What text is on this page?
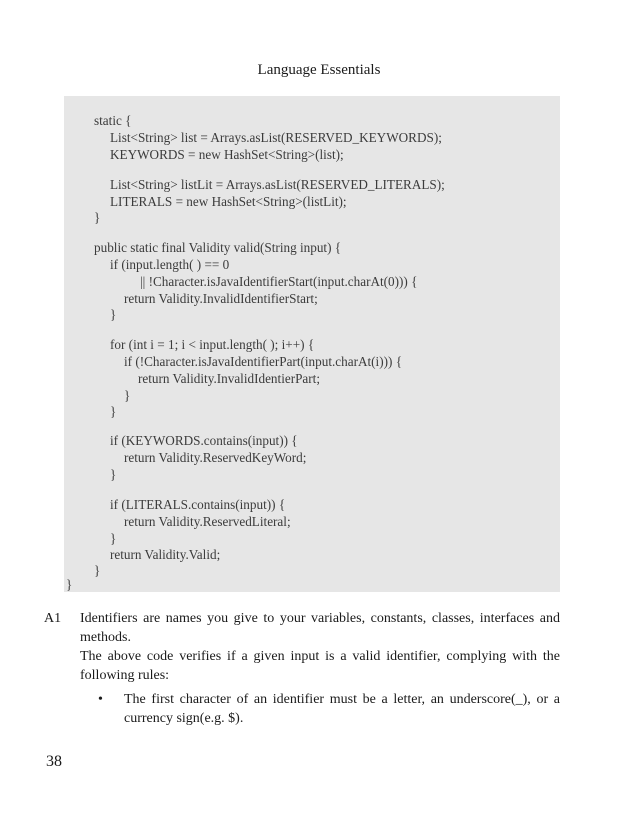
Language Essentials
static {
List<String> list = Arrays.asList(RESERVED_KEYWORDS);
KEYWORDS = new HashSet<String>(list);
List<String> listLit = Arrays.asList(RESERVED_LITERALS);
LITERALS = new HashSet<String>(listLit);
}
public static final Validity valid(String input) {
if (input.length( ) == 0
|| !Character.isJavaIdentifierStart(input.charAt(0))) {
return Validity.InvalidIdentifierStart;
}
for (int i = 1; i < input.length( ); i++) {
if (!Character.isJavaIdentifierPart(input.charAt(i))) {
return Validity.InvalidIdentierPart;
}
}
if (KEYWORDS.contains(input)) {
return Validity.ReservedKeyWord;
}
if (LITERALS.contains(input)) {
return Validity.ReservedLiteral;
}
return Validity.Valid;
}
}
A1	Identifiers are names you give to your variables, constants, classes, interfaces and methods.
The above code verifies if a given input is a valid identifier, complying with the following rules:
• The first character of an identifier must be a letter, an underscore(_), or a currency sign(e.g. $).
38
